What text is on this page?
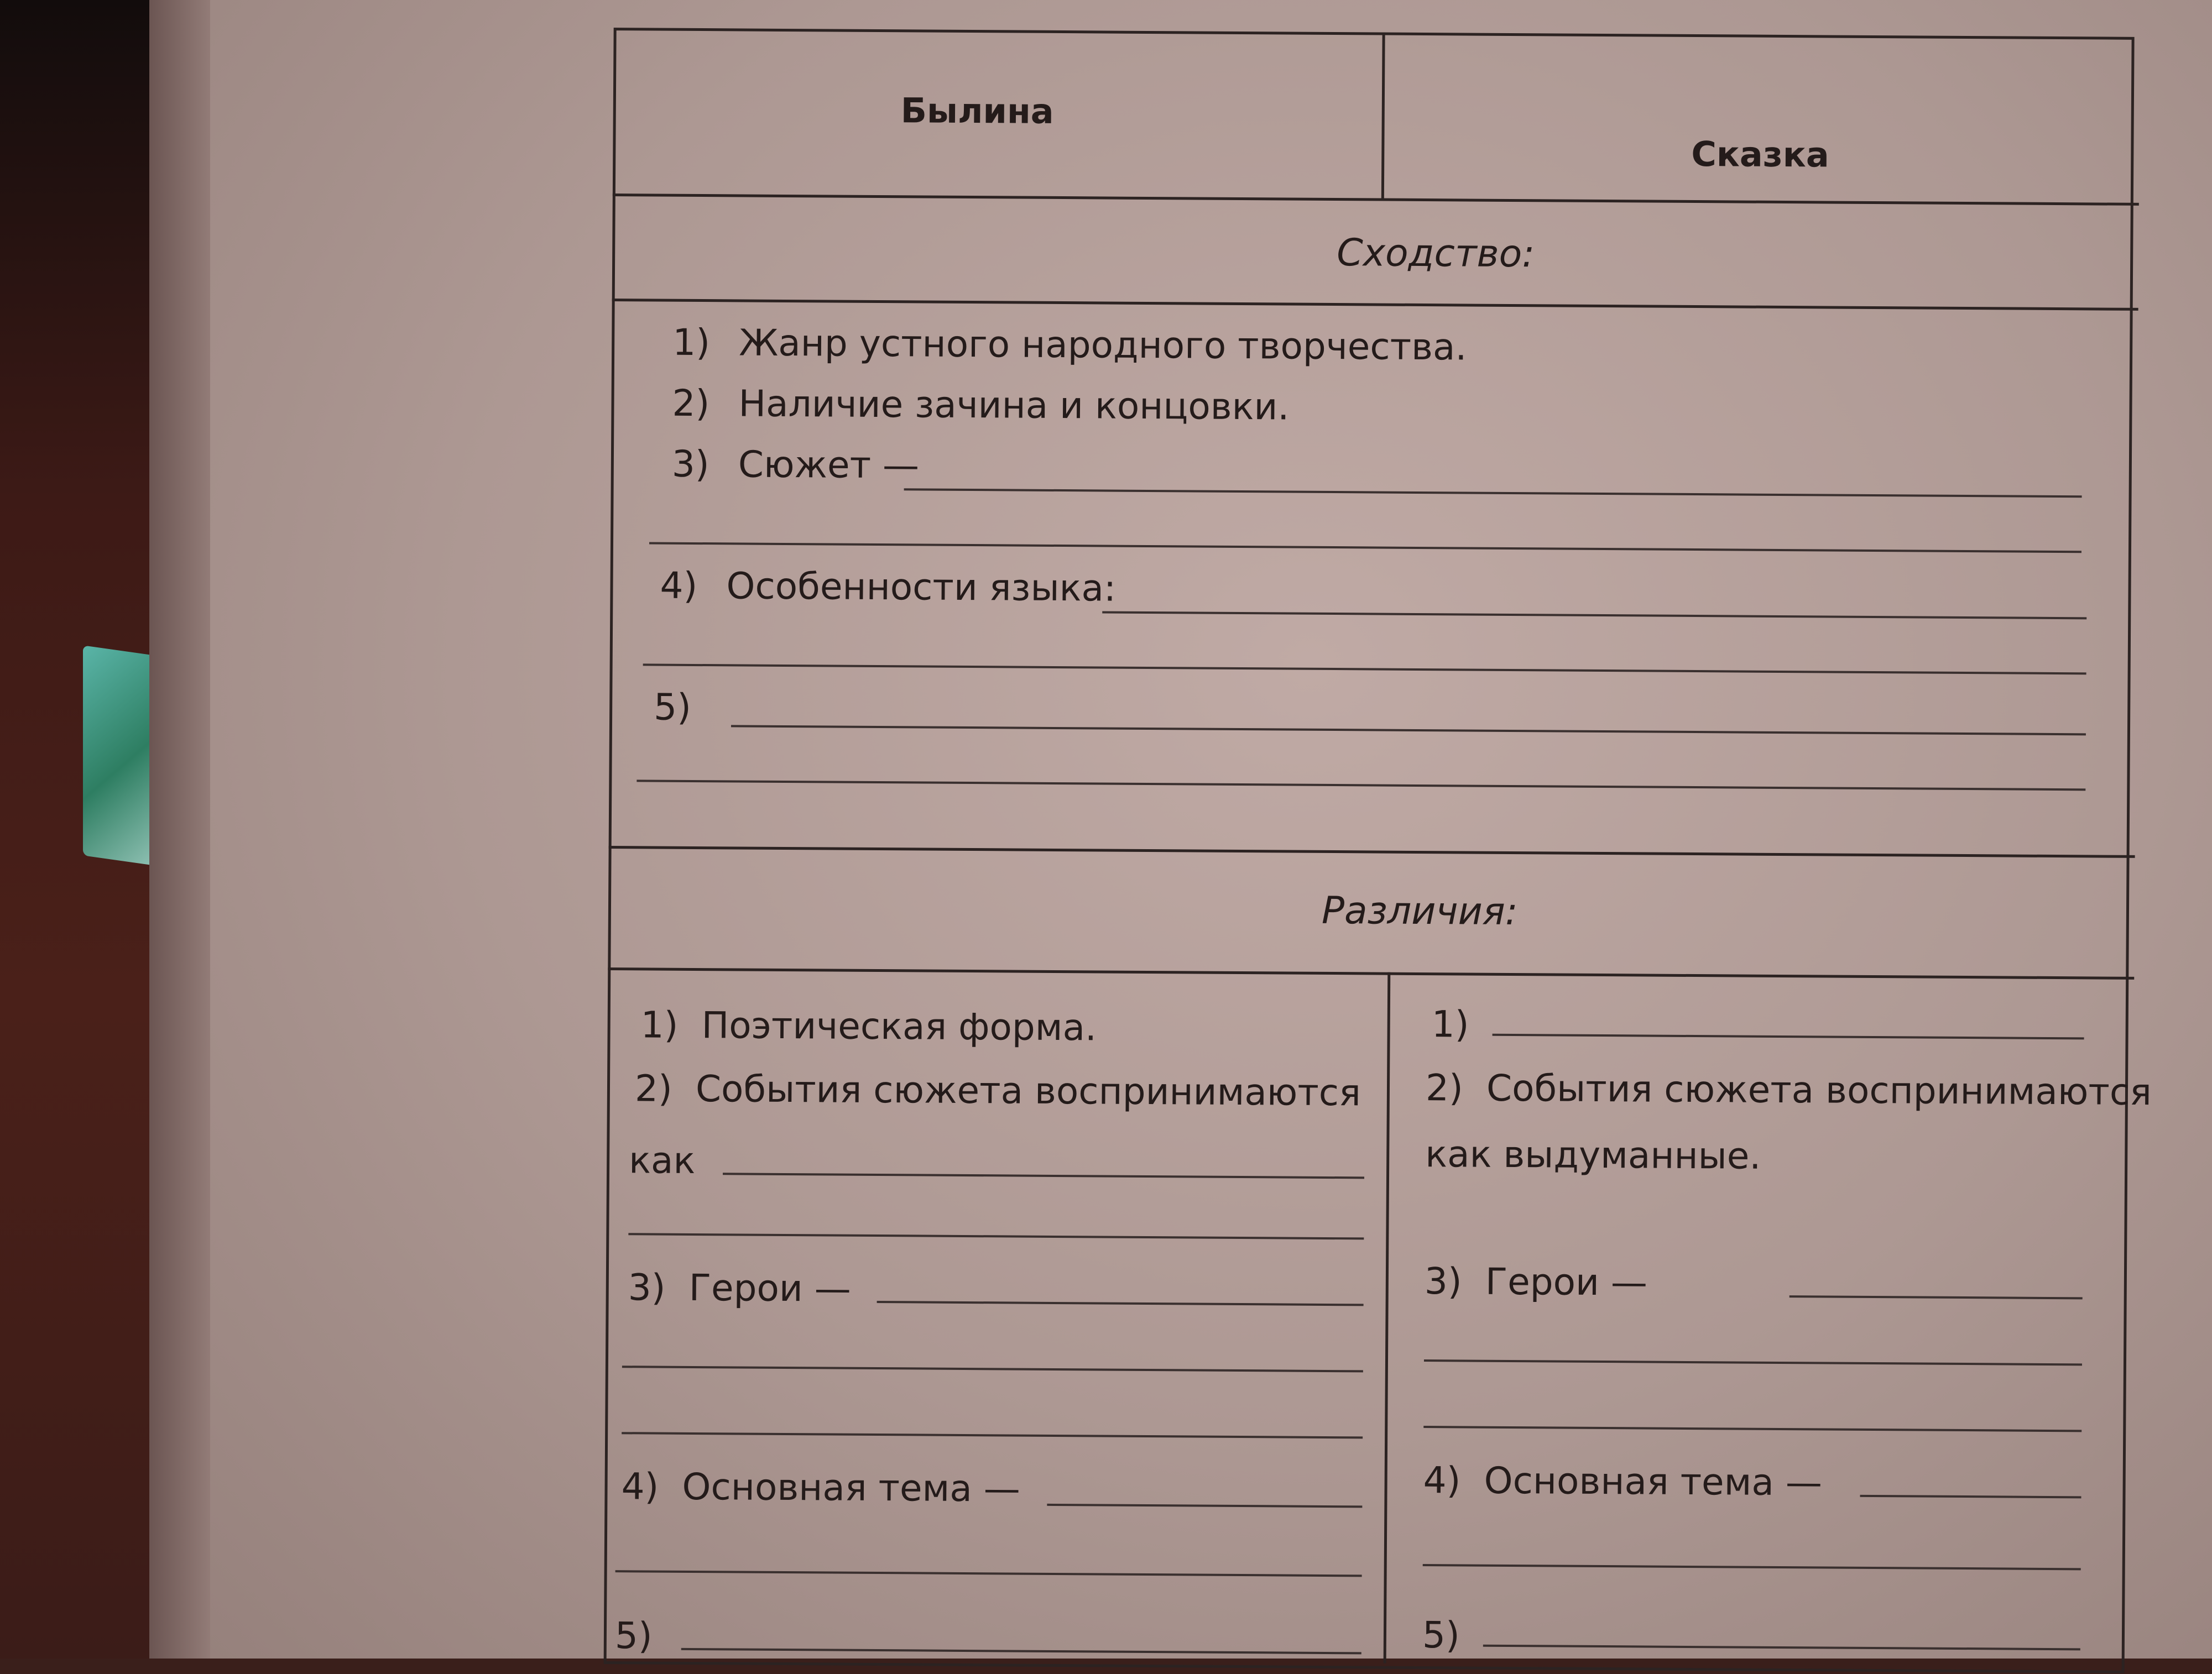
Былина
Сказка
Сходство:
1) Жанр устного народного творчества.
2) Наличие зачина и концовки.
3) Сюжет —
4) Особенности языка:
5)
Различия:
1) Поэтическая форма.
2) События сюжета воспринимаются
как
3) Герои —
4) Основная тема —
5)
1)
2) События сюжета воспринимаются
как выдуманные.
3) Герои —
4) Основная тема —
5)
